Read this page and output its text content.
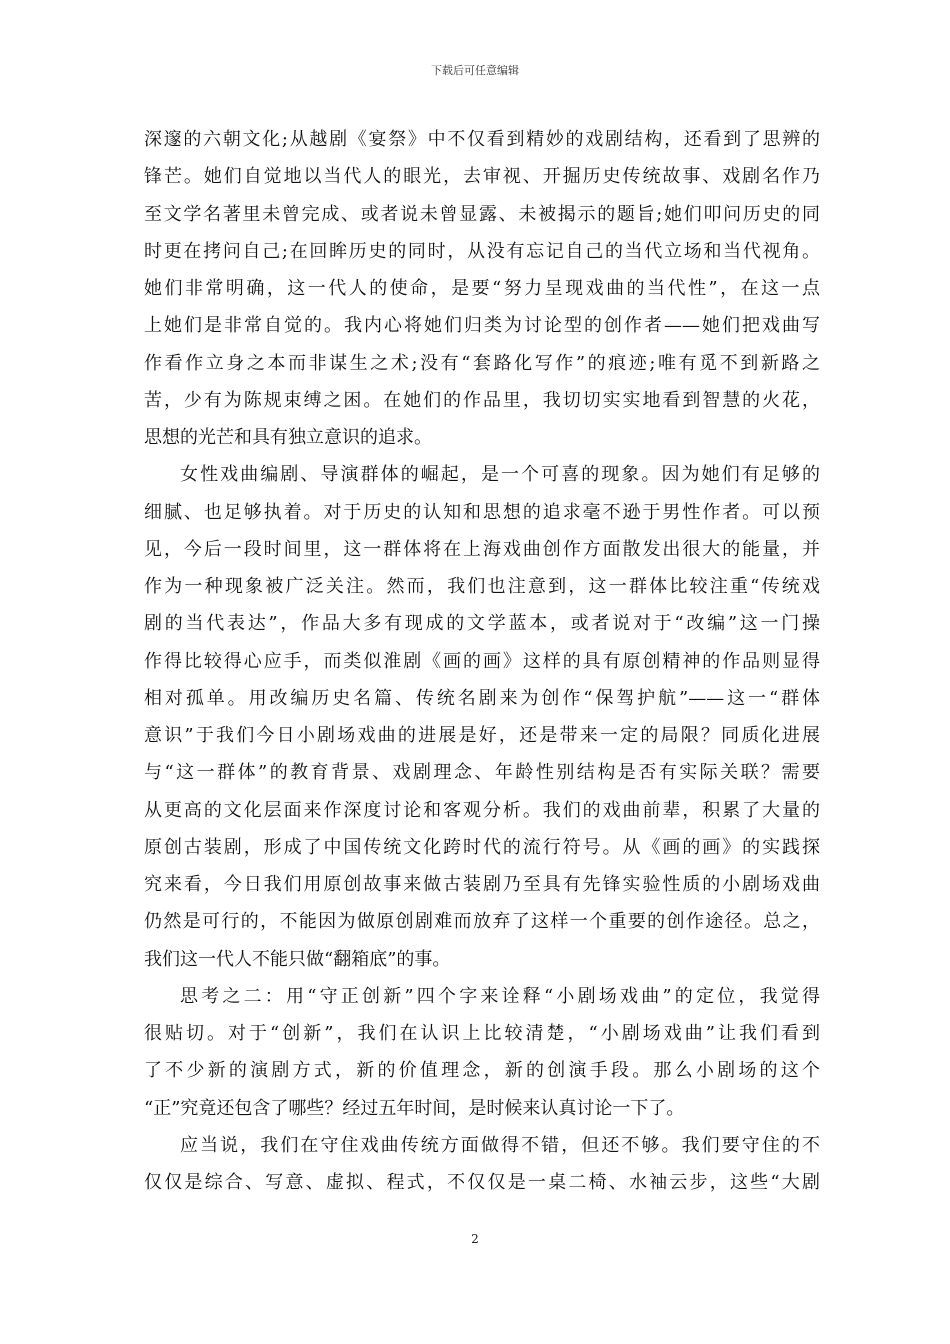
下载后可任意编辑
深邃的六朝文化;从越剧《宴祭》中不仅看到精妙的戏剧结构，还看到了思辨的
锋芒。她们自觉地以当代人的眼光，去审视、开掘历史传统故事、戏剧名作乃
至文学名著里未曾完成、或者说未曾显露、未被揭示的题旨;她们叩问历史的同
时更在拷问自己;在回眸历史的同时，从没有忘记自己的当代立场和当代视角。
她们非常明确，这一代人的使命，是要“努力呈现戏曲的当代性”，在这一点
上她们是非常自觉的。我内心将她们归类为讨论型的创作者——她们把戏曲写
作看作立身之本而非谋生之术;没有“套路化写作”的痕迹;唯有觅不到新路之
苦，少有为陈规束缚之困。在她们的作品里，我切切实实地看到智慧的火花，
思想的光芒和具有独立意识的追求。
女性戏曲编剧、导演群体的崛起，是一个可喜的现象。因为她们有足够的
细腻、也足够执着。对于历史的认知和思想的追求毫不逊于男性作者。可以预
见，今后一段时间里，这一群体将在上海戏曲创作方面散发出很大的能量，并
作为一种现象被广泛关注。然而，我们也注意到，这一群体比较注重“传统戏
剧的当代表达”，作品大多有现成的文学蓝本，或者说对于“改编”这一门操
作得比较得心应手，而类似淮剧《画的画》这样的具有原创精神的作品则显得
相对孤单。用改编历史名篇、传统名剧来为创作“保驾护航”——这一“群体
意识”于我们今日小剧场戏曲的进展是好，还是带来一定的局限？同质化进展
与“这一群体”的教育背景、戏剧理念、年龄性别结构是否有实际关联？需要
从更高的文化层面来作深度讨论和客观分析。我们的戏曲前辈，积累了大量的
原创古装剧，形成了中国传统文化跨时代的流行符号。从《画的画》的实践探
究来看，今日我们用原创故事来做古装剧乃至具有先锋实验性质的小剧场戏曲
仍然是可行的，不能因为做原创剧难而放弃了这样一个重要的创作途径。总之，
我们这一代人不能只做“翻箱底”的事。
思考之二：用“守正创新”四个字来诠释“小剧场戏曲”的定位，我觉得
很贴切。对于“创新”，我们在认识上比较清楚，“小剧场戏曲”让我们看到
了不少新的演剧方式，新的价值理念，新的创演手段。那么小剧场的这个
“正”究竟还包含了哪些？经过五年时间，是时候来认真讨论一下了。
应当说，我们在守住戏曲传统方面做得不错，但还不够。我们要守住的不
仅仅是综合、写意、虚拟、程式，不仅仅是一桌二椅、水袖云步，这些“大剧
2
